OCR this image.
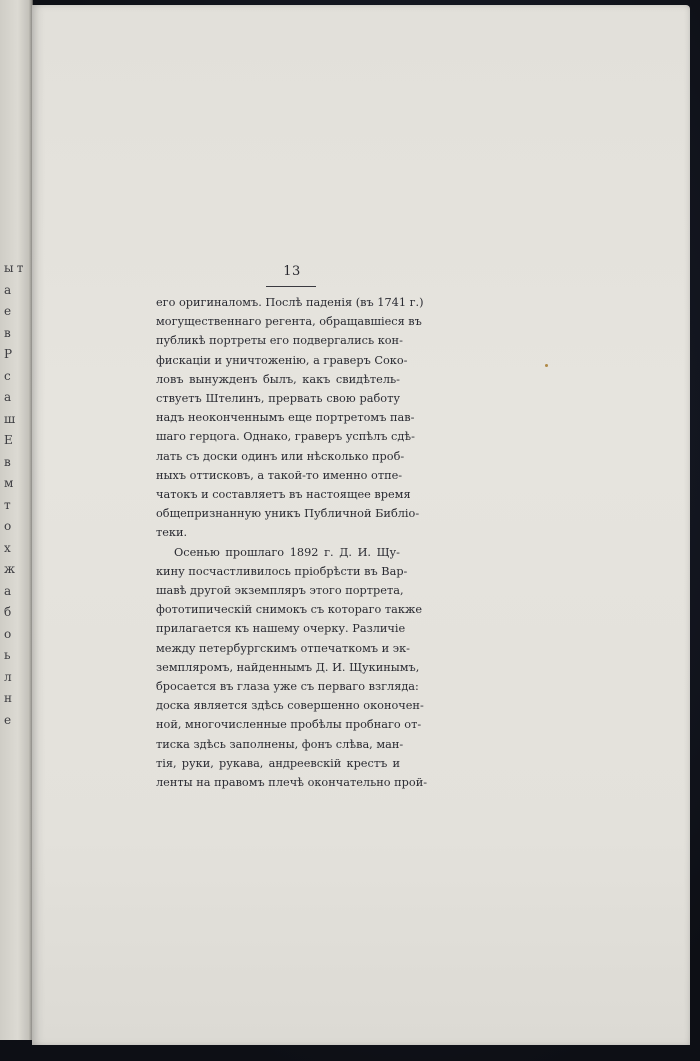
ы т
а
е
в
Р
с
а
ш
Е
в
м
т
о
х
ж
а
б
о
ь
л
н
е
13
его оригиналомъ. Послѣ паденія (въ 1741 г.)
могущественнаго регента, обращавшіеся въ
публикѣ портреты его подвергались кон-
фискаціи и уничтоженію, а граверъ Соко-
ловъ вынужденъ былъ, какъ свидѣтель-
ствуетъ Штелинъ, прервать свою работу
надъ неоконченнымъ еще портретомъ пав-
шаго герцога. Однако, граверъ успѣлъ сдѣ-
лать съ доски одинъ или нѣсколько проб-
ныхъ оттисковъ, а такой-то именно отпе-
чатокъ и составляетъ въ настоящее время
общепризнанную уникъ Публичной Библіо-
теки.
Осенью прошлаго 1892 г. Д. И. Щу-
кину посчастливилось пріобрѣсти въ Вар-
шавѣ другой экземпляръ этого портрета,
фототипическій снимокъ съ котораго также
прилагается къ нашему очерку. Различіе
между петербургскимъ отпечаткомъ и эк-
земпляромъ, найденнымъ Д. И. Щукинымъ,
бросается въ глаза уже съ перваго взгляда:
доска является здѣсь совершенно оконочен-
ной, многочисленные пробѣлы пробнаго от-
тиска здѣсь заполнены, фонъ слѣва, ман-
тія, руки, рукава, андреевскій крестъ и
ленты на правомъ плечѣ окончательно прой-
